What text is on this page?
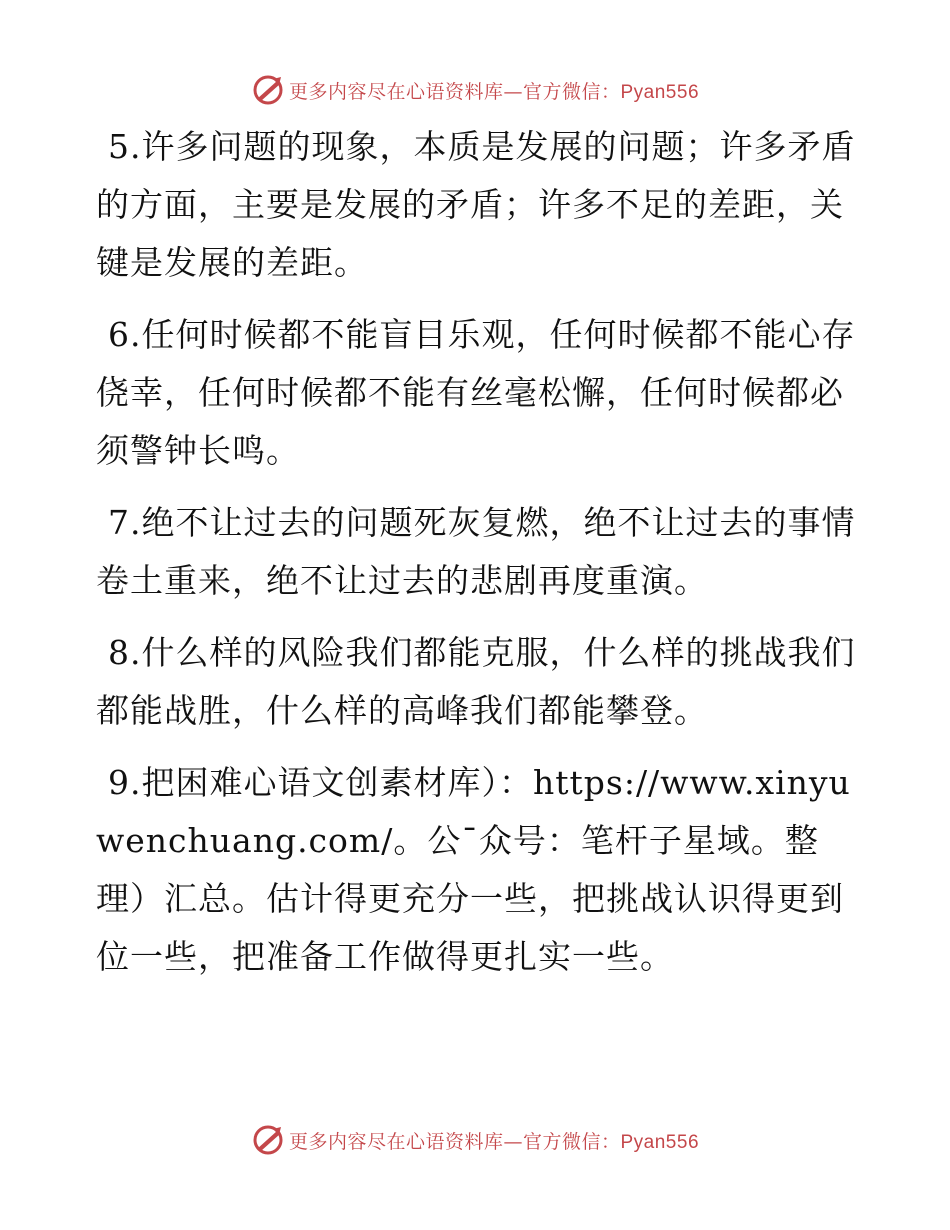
更多内容尽在心语资料库—官方微信：Pyan556

5.许多问题的现象，本质是发展的问题；许多矛盾的方面，主要是发展的矛盾；许多不足的差距，关键是发展的差距。

6.任何时候都不能盲目乐观，任何时候都不能心存侥幸，任何时候都不能有丝毫松懈，任何时候都必须警钟长鸣。

7.绝不让过去的问题死灰复燃，绝不让过去的事情卷土重来，绝不让过去的悲剧再度重演。

8.什么样的风险我们都能克服，什么样的挑战我们都能战胜，什么样的高峰我们都能攀登。

9.把困难心语文创素材库）：https://www.xinyuwenchuang.com/。公¯众号：笔杆子星域。整理）汇总。估计得更充分一些，把挑战认识得更到位一些，把准备工作做得更扎实一些。

更多内容尽在心语资料库—官方微信：Pyan556
